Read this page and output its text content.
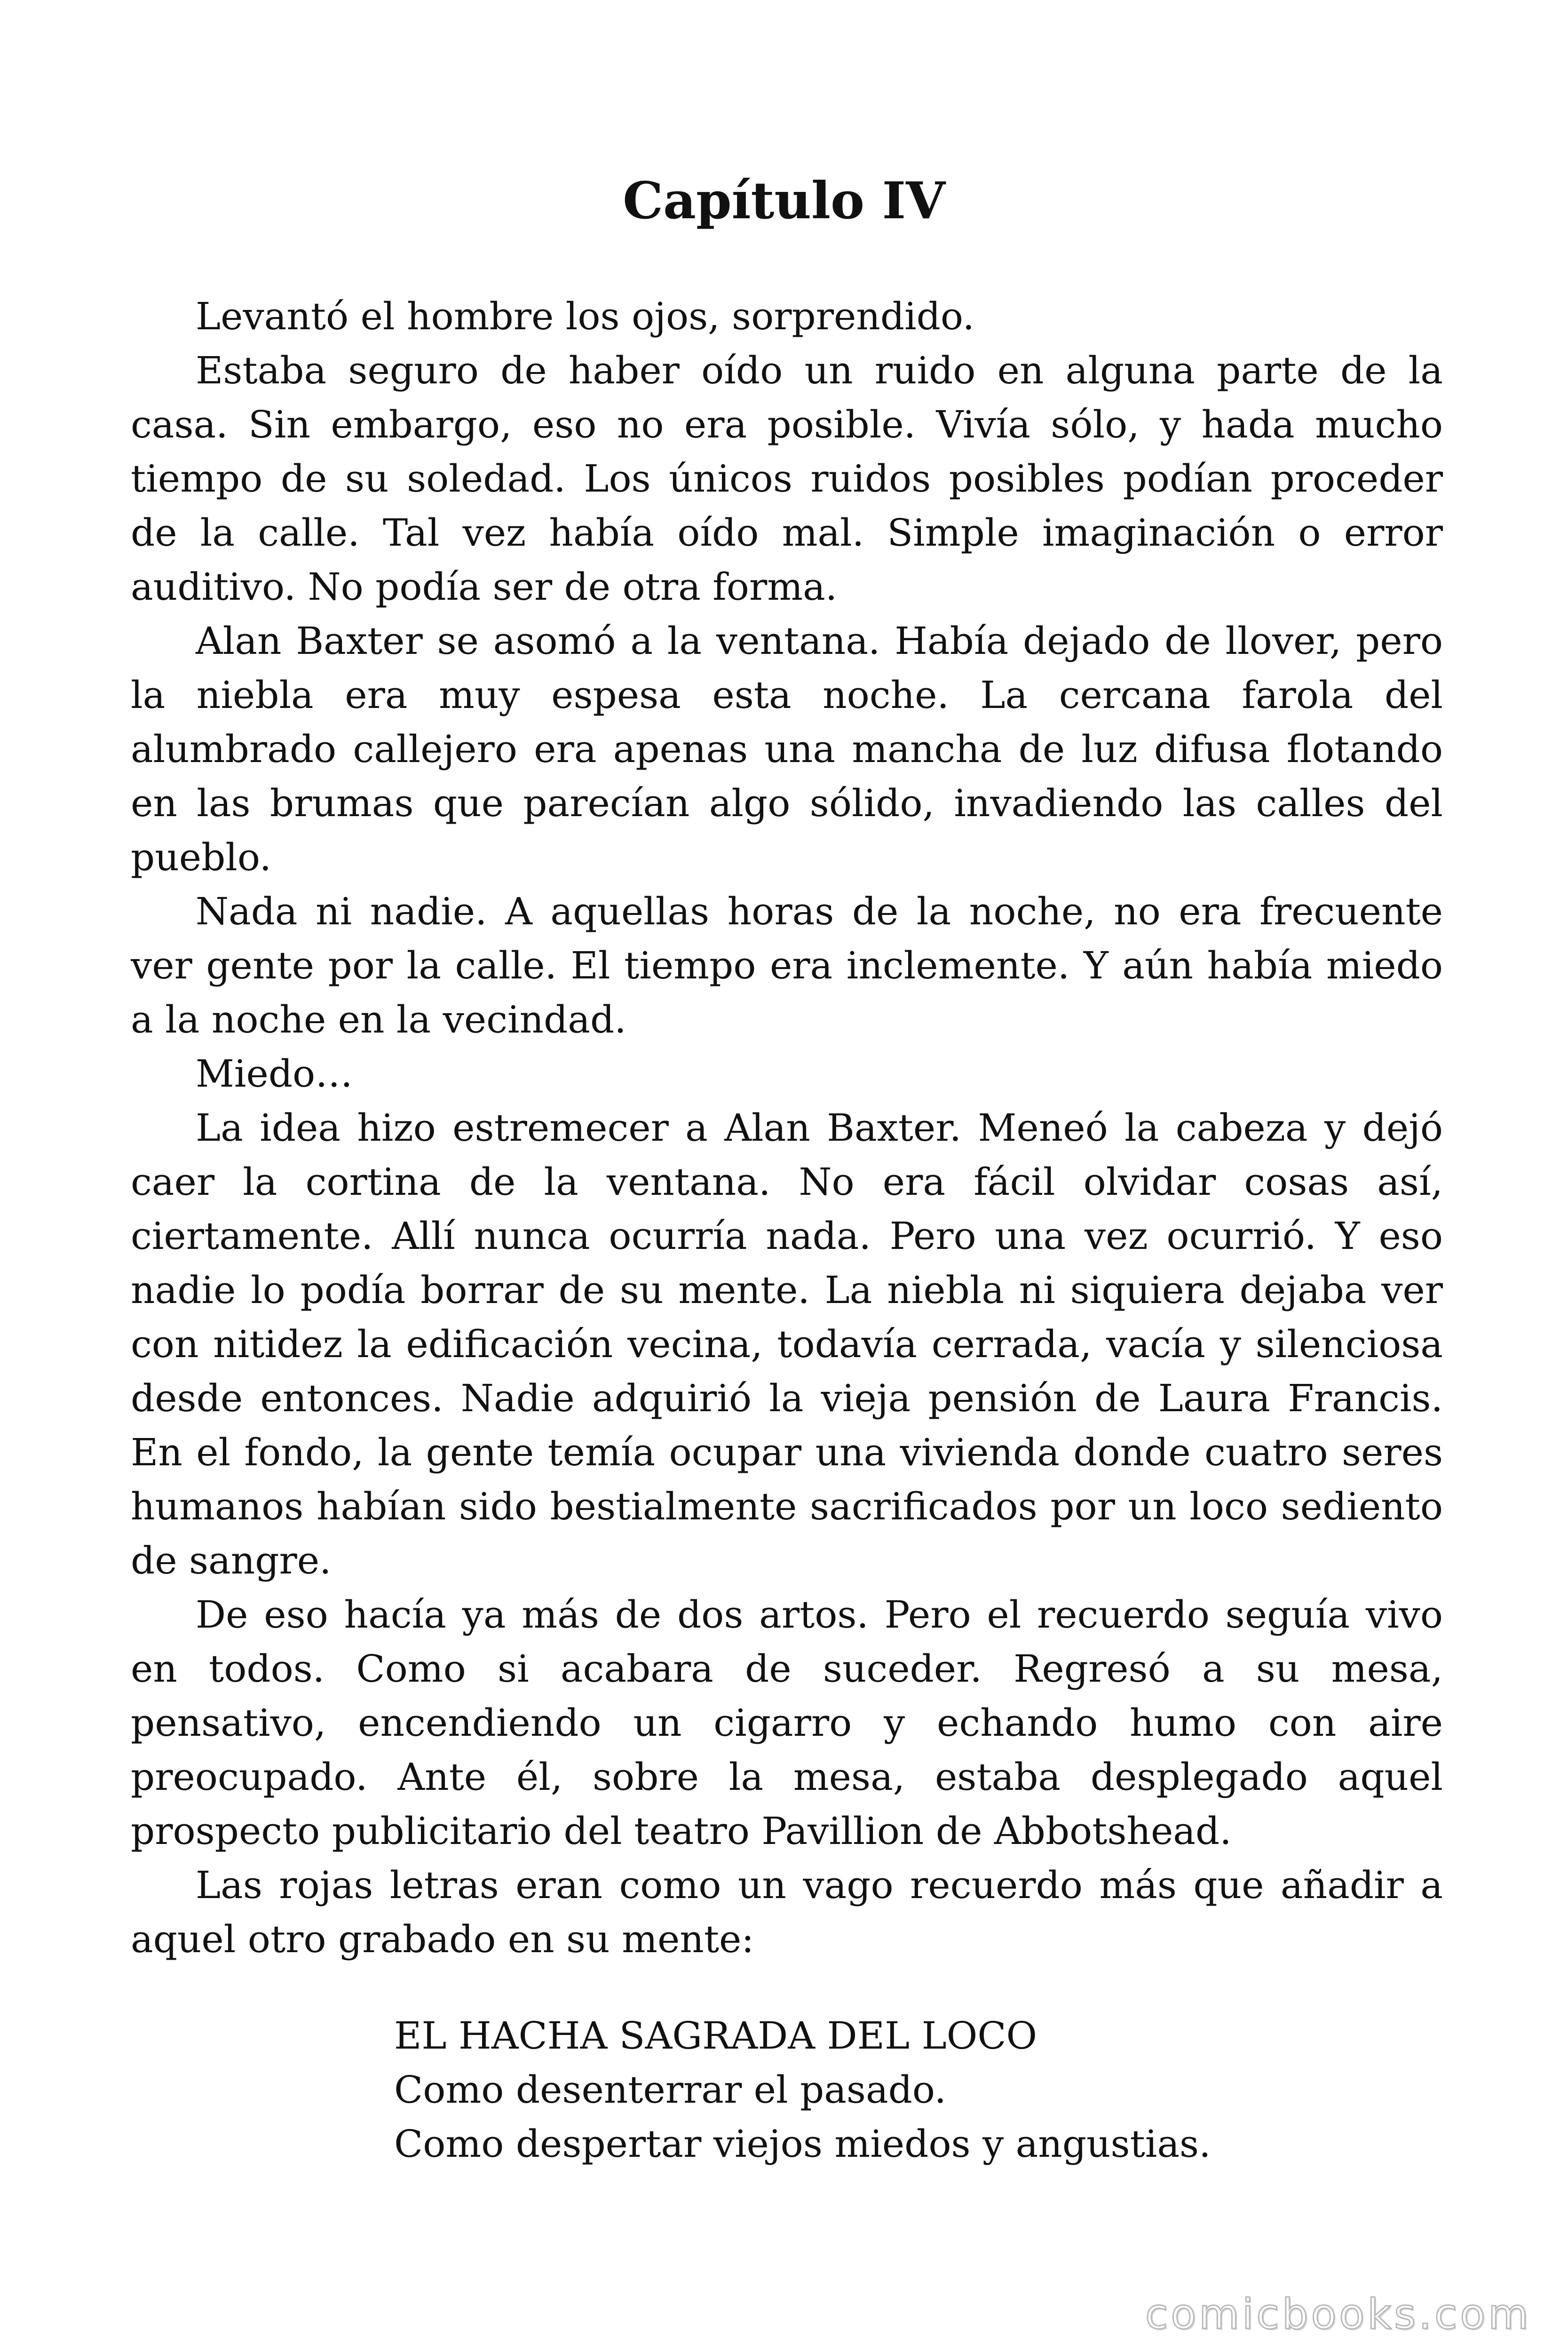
Capítulo IV

Levantó el hombre los ojos, sorprendido.

Estaba seguro de haber oído un ruido en alguna parte de la casa. Sin embargo, eso no era posible. Vivía sólo, y hada mucho tiempo de su soledad. Los únicos ruidos posibles podían proceder de la calle. Tal vez había oído mal. Simple imaginación o error auditivo. No podía ser de otra forma.

Alan Baxter se asomó a la ventana. Había dejado de llover, pero la niebla era muy espesa esta noche. La cercana farola del alumbrado callejero era apenas una mancha de luz difusa flotando en las brumas que parecían algo sólido, invadiendo las calles del pueblo.

Nada ni nadie. A aquellas horas de la noche, no era frecuente ver gente por la calle. El tiempo era inclemente. Y aún había miedo a la noche en la vecindad.

Miedo…

La idea hizo estremecer a Alan Baxter. Meneó la cabeza y dejó caer la cortina de la ventana. No era fácil olvidar cosas así, ciertamente. Allí nunca ocurría nada. Pero una vez ocurrió. Y eso nadie lo podía borrar de su mente. La niebla ni siquiera dejaba ver con nitidez la edificación vecina, todavía cerrada, vacía y silenciosa desde entonces. Nadie adquirió la vieja pensión de Laura Francis. En el fondo, la gente temía ocupar una vivienda donde cuatro seres humanos habían sido bestialmente sacrificados por un loco sediento de sangre.

De eso hacía ya más de dos artos. Pero el recuerdo seguía vivo en todos. Como si acabara de suceder. Regresó a su mesa, pensativo, encendiendo un cigarro y echando humo con aire preocupado. Ante él, sobre la mesa, estaba desplegado aquel prospecto publicitario del teatro Pavillion de Abbotshead.

Las rojas letras eran como un vago recuerdo más que añadir a aquel otro grabado en su mente:

EL HACHA SAGRADA DEL LOCO
Como desenterrar el pasado.
Como despertar viejos miedos y angustias.
comicbooks.com
